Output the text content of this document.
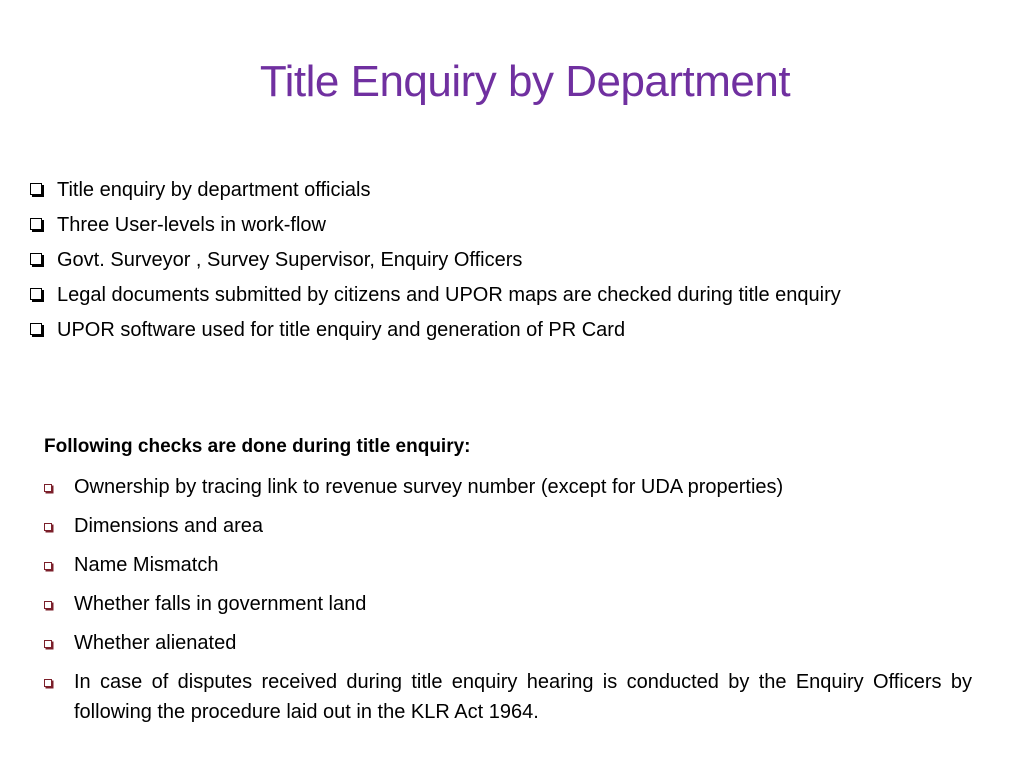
Title Enquiry by Department
Title enquiry by department officials
Three User-levels in work-flow
Govt. Surveyor , Survey Supervisor, Enquiry Officers
Legal documents submitted by citizens and UPOR maps are checked during title enquiry
UPOR software used for title enquiry and generation of PR Card

Following checks are done during title enquiry:

Ownership by tracing link to revenue survey number (except for UDA properties)
Dimensions and area
Name Mismatch
Whether falls in government land
Whether alienated
In case of disputes received during title enquiry hearing is conducted by the Enquiry Officers by following the procedure laid out in the KLR Act 1964.
